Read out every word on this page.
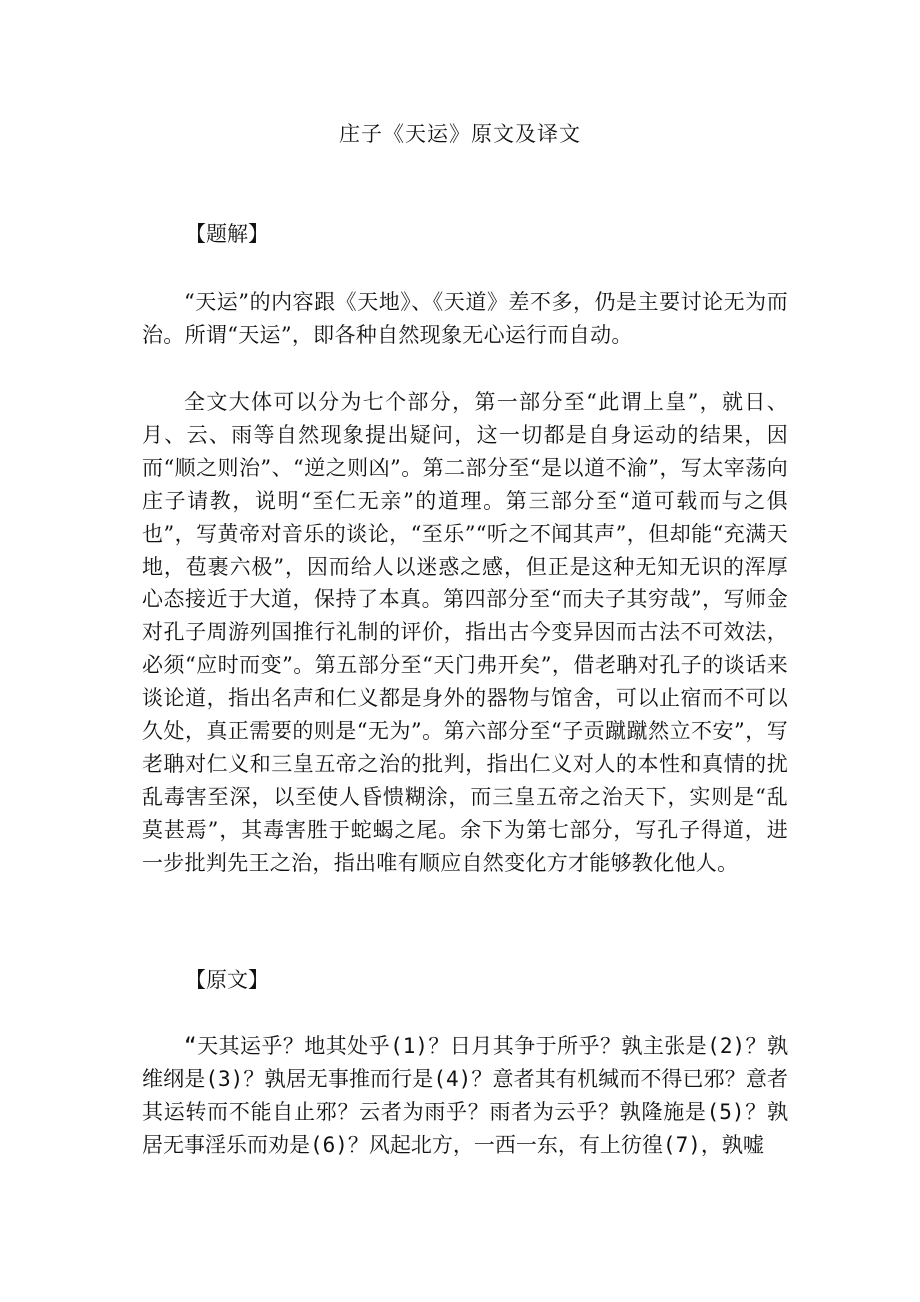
庄子《天运》原文及译文
【题解】

“天运”的内容跟《天地》、《天道》差不多，仍是主要讨论无为而治。所谓“天运”，即各种自然现象无心运行而自动。

全文大体可以分为七个部分，第一部分至“此谓上皇”，就日、月、云、雨等自然现象提出疑问，这一切都是自身运动的结果，因而“顺之则治”、“逆之则凶”。第二部分至“是以道不渝”，写太宰荡向庄子请教，说明“至仁无亲”的道理。第三部分至“道可载而与之俱也”，写黄帝对音乐的谈论，“至乐”“听之不闻其声”，但却能“充满天地，苞裹六极”，因而给人以迷惑之感，但正是这种无知无识的浑厚心态接近于大道，保持了本真。第四部分至“而夫子其穷哉”，写师金对孔子周游列国推行礼制的评价，指出古今变异因而古法不可效法，必须“应时而变”。第五部分至“天门弗开矣”，借老聃对孔子的谈话来谈论道，指出名声和仁义都是身外的器物与馆舍，可以止宿而不可以久处，真正需要的则是“无为”。第六部分至“子贡蹴蹴然立不安”，写老聃对仁义和三皇五帝之治的批判，指出仁义对人的本性和真情的扰乱毒害至深，以至使人昏愦糊涂，而三皇五帝之治天下，实则是“乱莫甚焉”，其毒害胜于蛇蝎之尾。余下为第七部分，写孔子得道，进一步批判先王之治，指出唯有顺应自然变化方才能够教化他人。

【原文】

“天其运乎？地其处乎(1)？日月其争于所乎？孰主张是(2)？孰维纲是(3)？孰居无事推而行是(4)？意者其有机缄而不得已邪？意者其运转而不能自止邪？云者为雨乎？雨者为云乎？孰隆施是(5)？孰居无事淫乐而劝是(6)？风起北方，一西一东，有上彷徨(7)，孰嘘
